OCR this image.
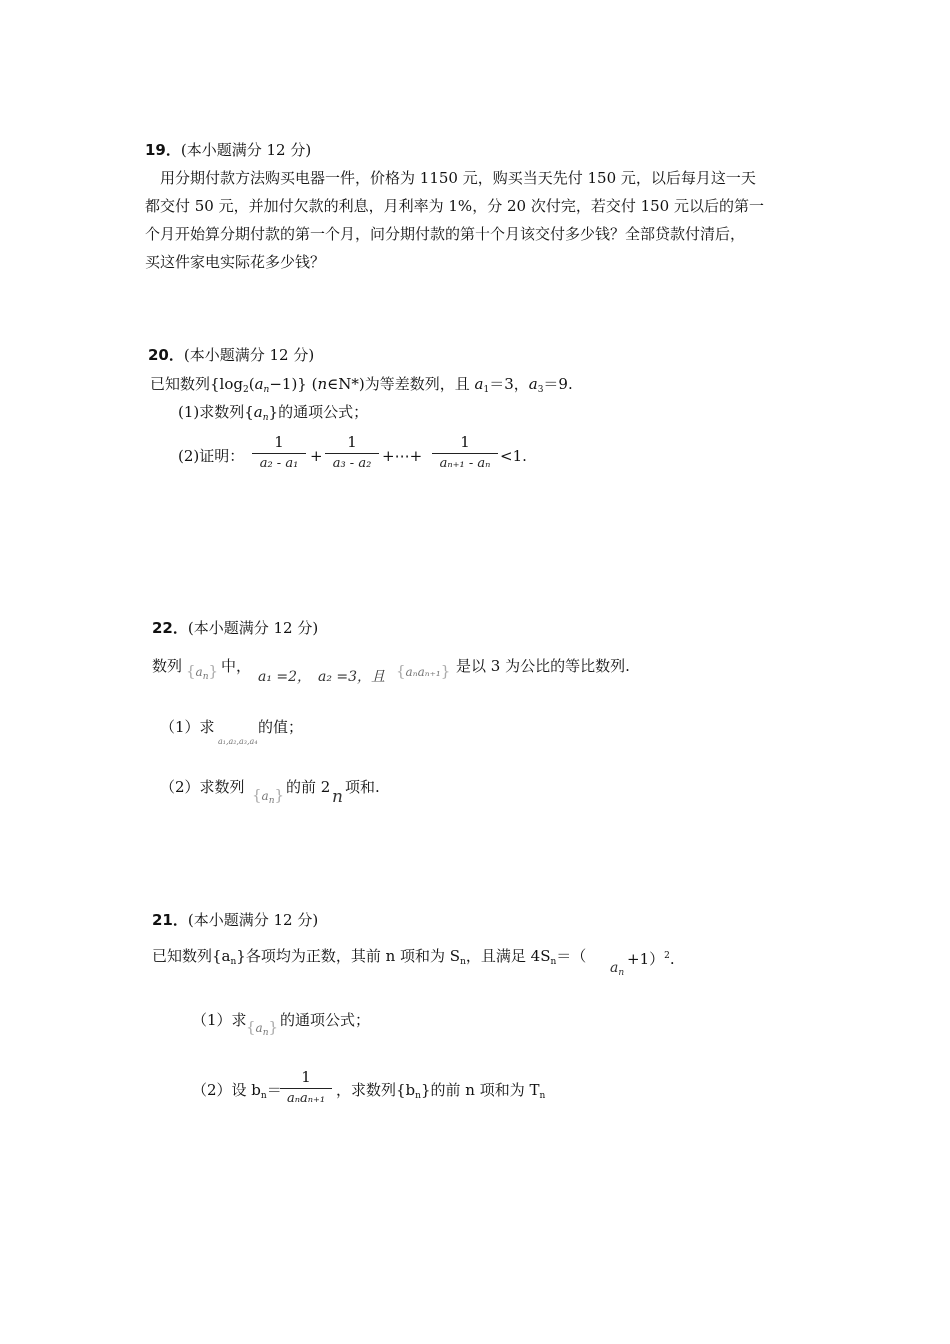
19．(本小题满分 12 分)
用分期付款方法购买电器一件，价格为 1150 元，购买当天先付 150 元，以后每月这一天
都交付 50 元，并加付欠款的利息，月利率为 1%，分 20 次付完，若交付 150 元以后的第一
个月开始算分期付款的第一个月，问分期付款的第十个月该交付多少钱？全部贷款付清后，
买这件家电实际花多少钱？
20．(本小题满分 12 分)
已知数列$\{\log_2(a_n-1)\}$ (n∈N*)为等差数列，且 $a_1=3$，$a_3=9$.
(1)求数列$\{a_n\}$的通项公式；
(2)证明：
1
a₂ - a₁ +
1
a₃ - a₂ +⋯+
1
aₙ₊₁ - aₙ <1.
22．(本小题满分 12 分)
数列 $\{a_n\}$ 中，
a₁ =2， a₂ =3，且 {aₙaₙ₊₁} 是以 3 为公比的等比数列.
（1）求
a₁,a₂,a₃,a₄
的值；
（2）求数列 $\{a_n\}$ 的前 2 n 项和.
21．(本小题满分 12 分)
已知数列$\{a_n\}$各项均为正数，其前 n 项和为 $S_n$，且满足 $4S_n=$（
$a_n$
+1）$^2$.
（1）求 $\{a_n\}$ 的通项公式；
（2）设 $b_n=$
1
aₙaₙ₊₁ ，求数列$\{b_n\}$的前 n 项和为 $T_n$
